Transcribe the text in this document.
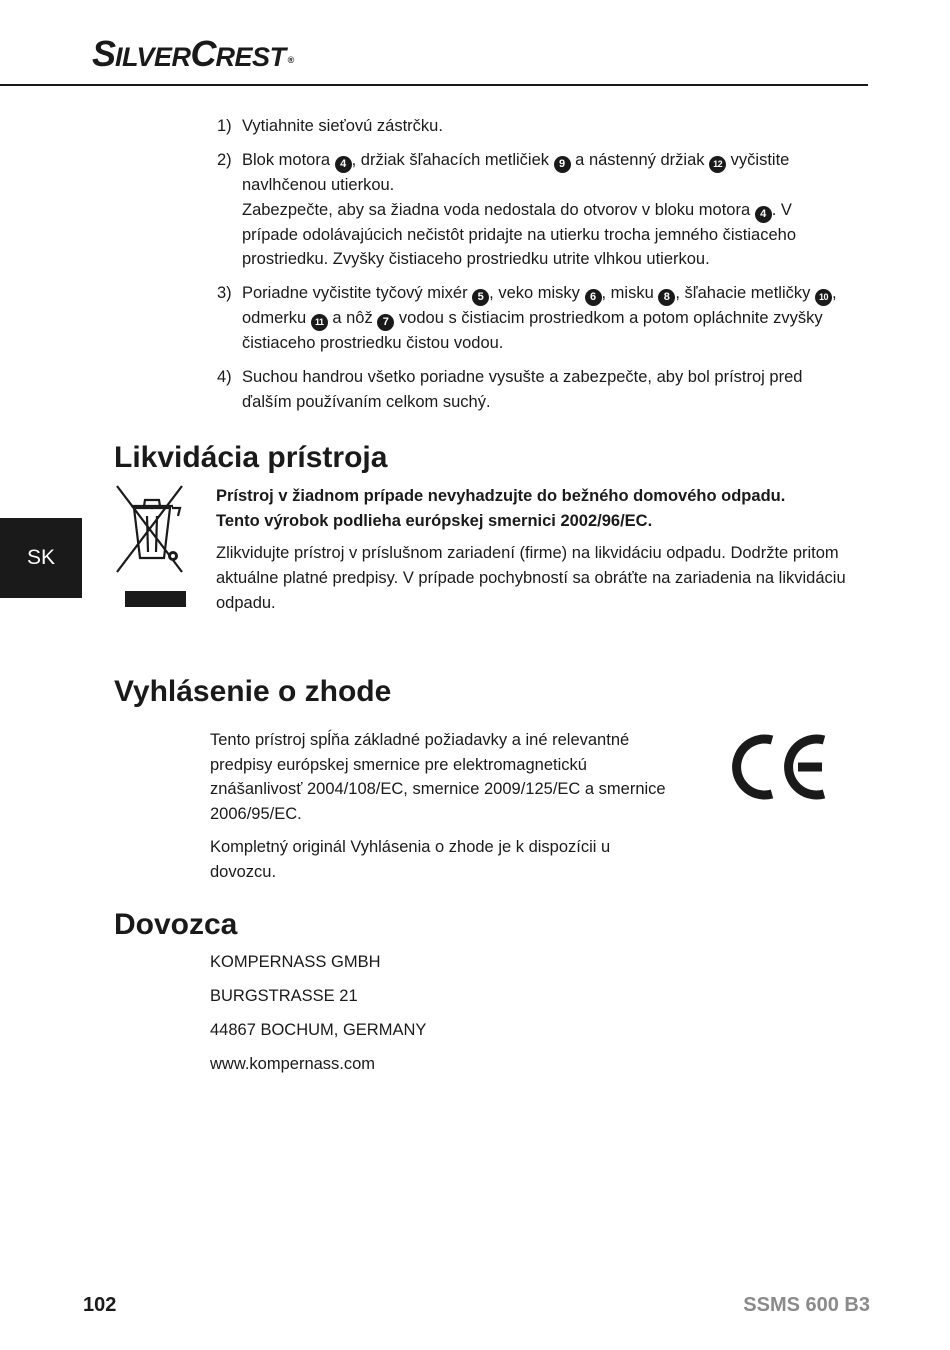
SILVERCREST ®
SK
1) Vytiahnite sieťovú zástrčku.
2) Blok motora 4 , držiak šľahacích metličiek 9 a nástenný držiak 12 vyčistite navlhčenou utierkou.

Zabezpečte, aby sa žiadna voda nedostala do otvorov v bloku motora 4 . V prípade odolávajúcich nečistôt pridajte na utierku trocha jemného čistiaceho prostriedku. Zvyšky čistiaceho prostriedku utrite vlhkou utierkou.

3) Poriadne vyčistite tyčový mixér 5 , veko misky 6 , misku 8 , šľahacie metličky 10 , odmerku 11 a nôž 7 vodou s čistiacim prostriedkom a potom opláchnite zvyšky čistiaceho prostriedku čistou vodou.

4) Suchou handrou všetko poriadne vysušte a zabezpečte, aby bol prístroj pred ďalším používaním celkom suchý.
Likvidácia prístroja
Prístroj v žiadnom prípade nevyhadzujte do bežného domového odpadu.
Tento výrobok podlieha európskej smernici 2002/96/EC.
Zlikvidujte prístroj v príslušnom zariadení (firme) na likvidáciu odpadu. Dodržte pritom aktuálne platné predpisy. V prípade pochybností sa obráťte na zariadenia na likvidáciu odpadu.
Vyhlásenie o zhode

Tento prístroj spĺňa základné požiadavky a iné relevantné predpisy európskej smernice pre elektromagnetickú znášanlivosť 2004/108/EC, smernice 2009/125/EC a smernice 2006/95/EC.

Kompletný originál Vyhlásenia o zhode je k dispozícii u dovozcu.

Dovozca
KOMPERNASS GMBH
BURGSTRASSE 21
44867 BOCHUM, GERMANY
www.kompernass.com
102	SSMS 600 B3
